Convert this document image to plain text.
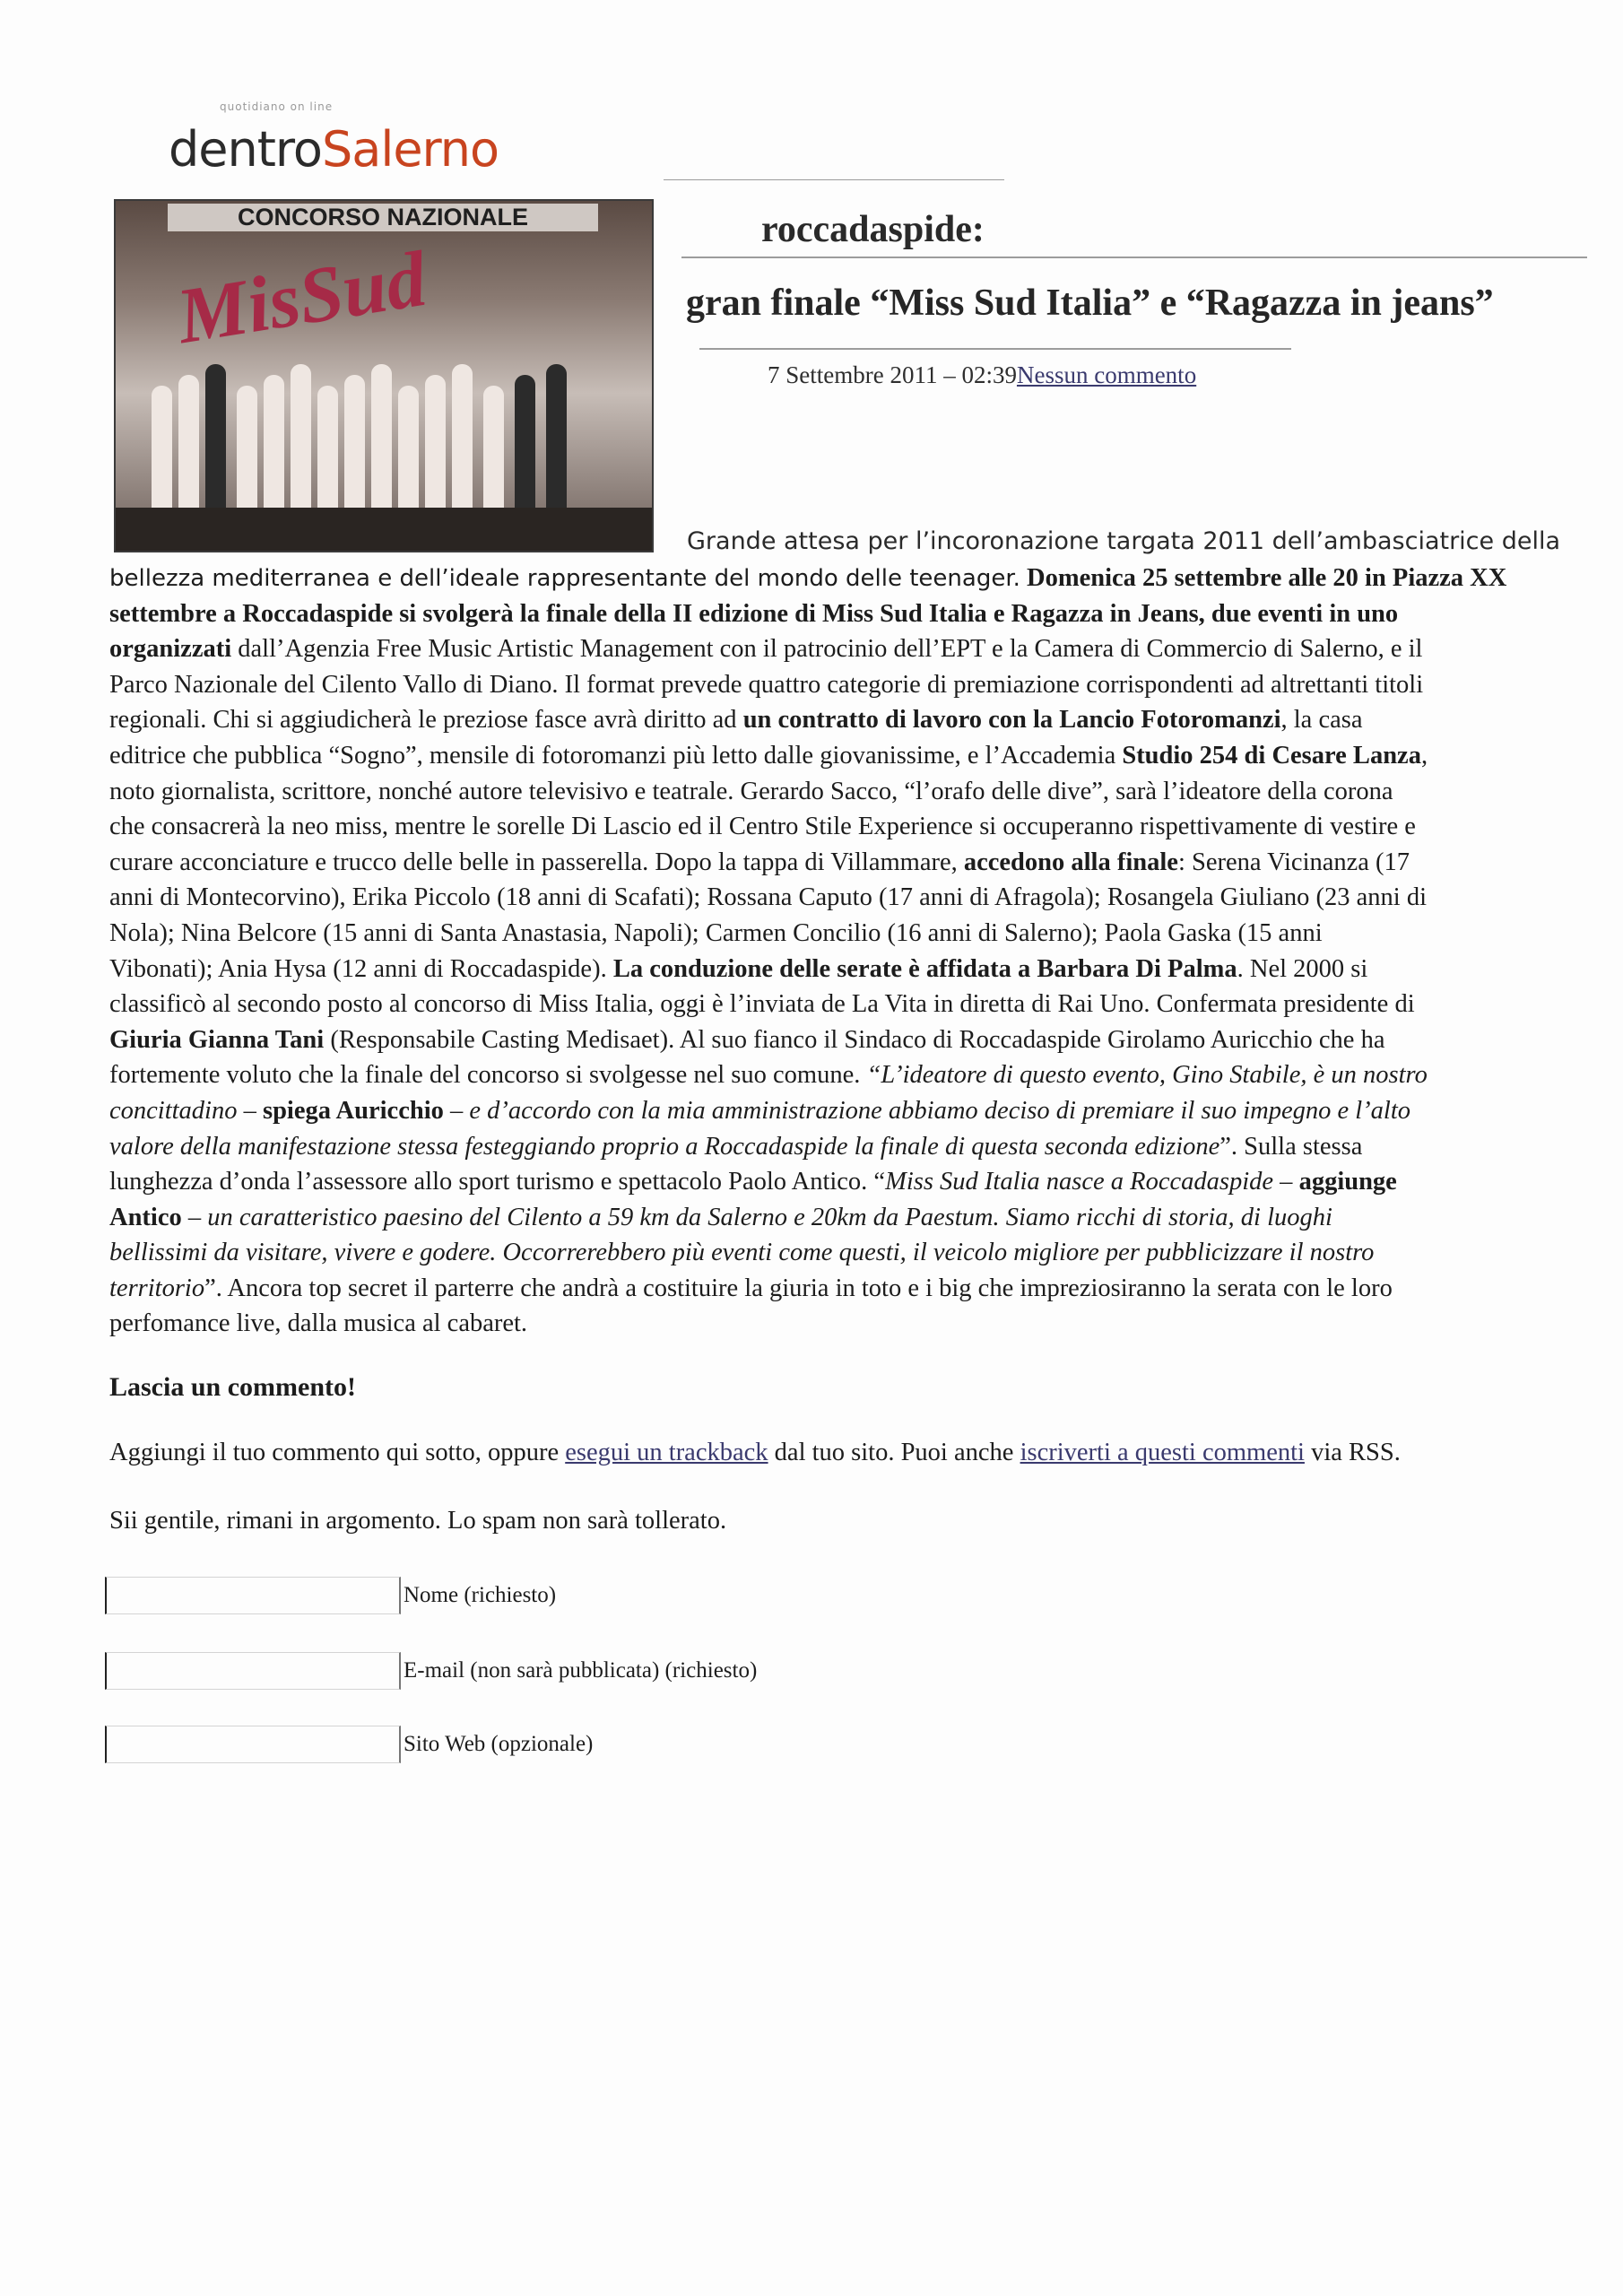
quotidiano on line
dentroSalerno
CONCORSO NAZIONALE
MisSud
roccadaspide:
gran finale “Miss Sud Italia” e “Ragazza in jeans”
7 Settembre 2011 – 02:39Nessun commento
Grande attesa per l’incoronazione targata 2011 dell’ambasciatrice della
bellezza mediterranea e dell’ideale rappresentante del mondo delle teenager. Domenica 25 settembre alle 20 in Piazza XX
settembre a Roccadaspide si svolgerà la finale della II edizione di Miss Sud Italia e Ragazza in Jeans, due eventi in uno
organizzati dall’Agenzia Free Music Artistic Management con il patrocinio dell’EPT e la Camera di Commercio di Salerno, e il
Parco Nazionale del Cilento Vallo di Diano. Il format prevede quattro categorie di premiazione corrispondenti ad altrettanti titoli
regionali. Chi si aggiudicherà le preziose fasce avrà diritto ad un contratto di lavoro con la Lancio Fotoromanzi, la casa
editrice che pubblica “Sogno”, mensile di fotoromanzi più letto dalle giovanissime, e l’Accademia Studio 254 di Cesare Lanza,
noto giornalista, scrittore, nonché autore televisivo e teatrale. Gerardo Sacco, “l’orafo delle dive”, sarà l’ideatore della corona
che consacrerà la neo miss, mentre le sorelle Di Lascio ed il Centro Stile Experience si occuperanno rispettivamente di vestire e
curare acconciature e trucco delle belle in passerella. Dopo la tappa di Villammare, accedono alla finale: Serena Vicinanza (17
anni di Montecorvino), Erika Piccolo (18 anni di Scafati); Rossana Caputo (17 anni di Afragola); Rosangela Giuliano (23 anni di
Nola); Nina Belcore (15 anni di Santa Anastasia, Napoli); Carmen Concilio (16 anni di Salerno); Paola Gaska (15 anni
Vibonati); Ania Hysa (12 anni di Roccadaspide). La conduzione delle serate è affidata a Barbara Di Palma. Nel 2000 si
classificò al secondo posto al concorso di Miss Italia, oggi è l’inviata de La Vita in diretta di Rai Uno. Confermata presidente di
Giuria Gianna Tani (Responsabile Casting Medisaet). Al suo fianco il Sindaco di Roccadaspide Girolamo Auricchio che ha
fortemente voluto che la finale del concorso si svolgesse nel suo comune. “L’ideatore di questo evento, Gino Stabile, è un nostro
concittadino – spiega Auricchio – e d’accordo con la mia amministrazione abbiamo deciso di premiare il suo impegno e l’alto
valore della manifestazione stessa festeggiando proprio a Roccadaspide la finale di questa seconda edizione”. Sulla stessa
lunghezza d’onda l’assessore allo sport turismo e spettacolo Paolo Antico. “Miss Sud Italia nasce a Roccadaspide – aggiunge
Antico – un caratteristico paesino del Cilento a 59 km da Salerno e 20km da Paestum. Siamo ricchi di storia, di luoghi
bellissimi da visitare, vivere e godere. Occorrerebbero più eventi come questi, il veicolo migliore per pubblicizzare il nostro
territorio”. Ancora top secret il parterre che andrà a costituire la giuria in toto e i big che impreziosiranno la serata con le loro
perfomance live, dalla musica al cabaret.
Lascia un commento!
Aggiungi il tuo commento qui sotto, oppure esegui un trackback dal tuo sito. Puoi anche iscriverti a questi commenti via RSS.
Sii gentile, rimani in argomento. Lo spam non sarà tollerato.
Nome (richiesto)
E-mail (non sarà pubblicata) (richiesto)
Sito Web (opzionale)
